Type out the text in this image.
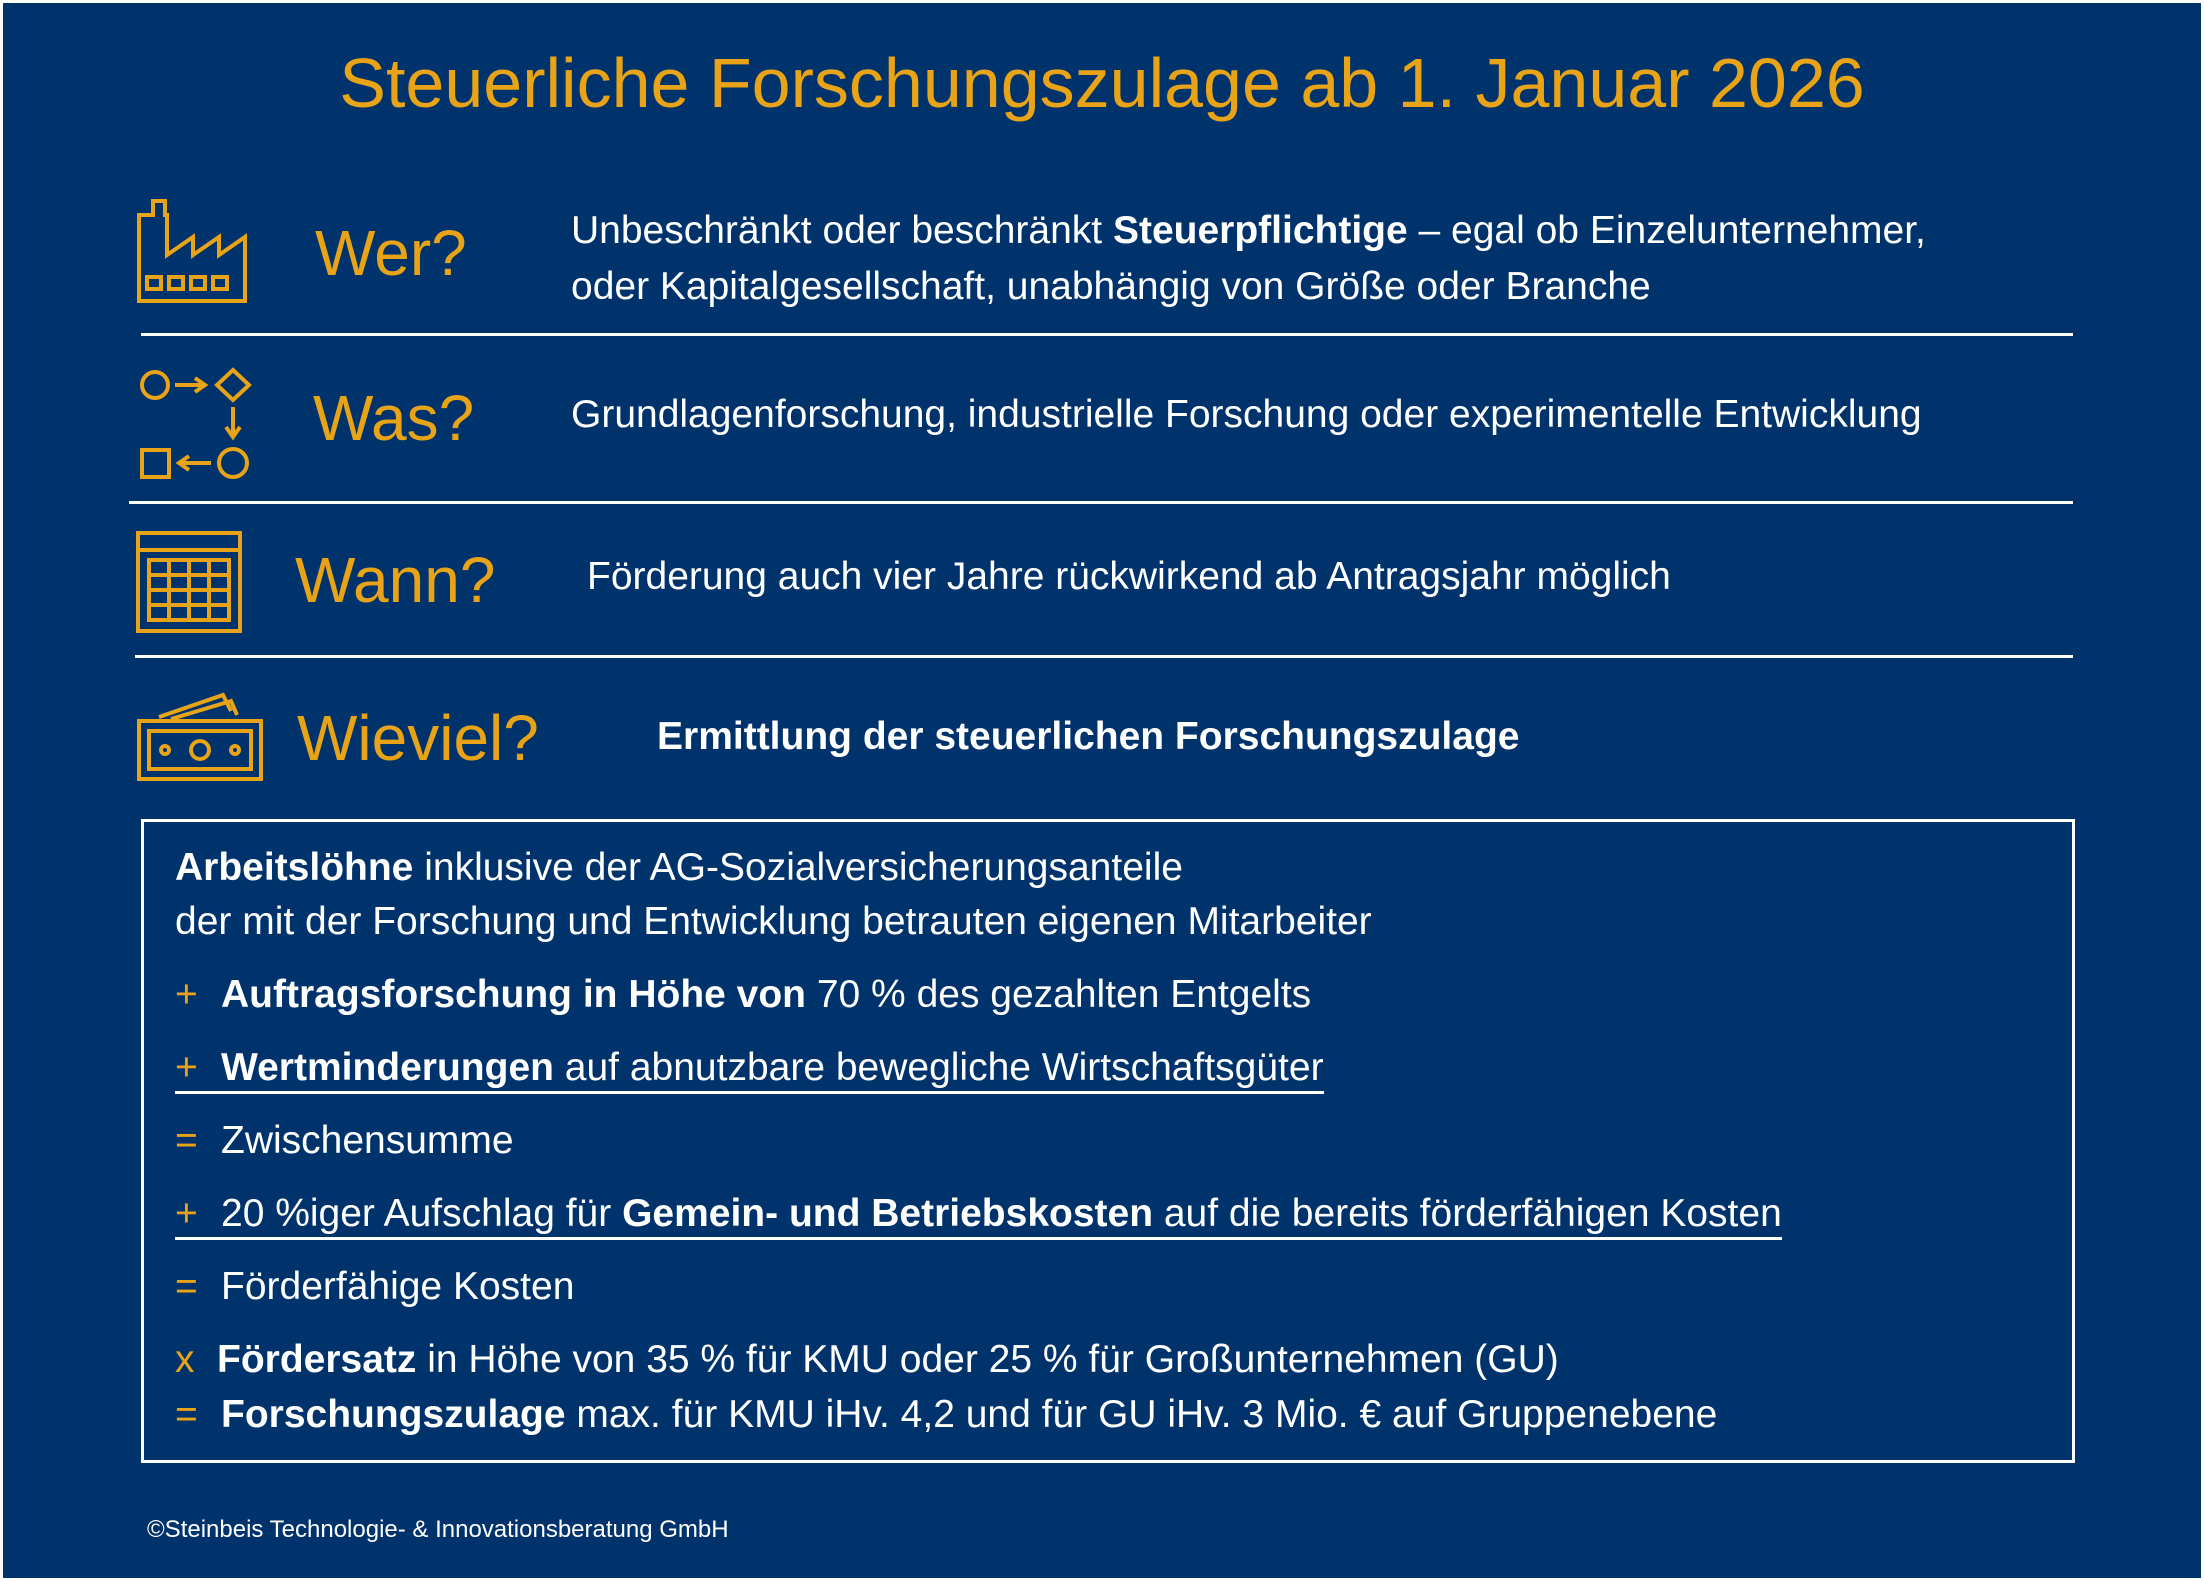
Steuerliche Forschungszulage ab 1. Januar 2026
Wer?	Unbeschränkt oder beschränkt Steuerpflichtige – egal ob Einzelunternehmer,
oder Kapitalgesellschaft, unabhängig von Größe oder Branche
Was? Grundlagenforschung, industrielle Forschung oder experimentelle Entwicklung
Wann? Förderung auch vier Jahre rückwirkend ab Antragsjahr möglich
Wieviel?	Ermittlung der steuerlichen Forschungszulage
Arbeitslöhne inklusive der AG-Sozialversicherungsanteile
der mit der Forschung und Entwicklung betrauten eigenen Mitarbeiter
+ Auftragsforschung in Höhe von 70 % des gezahlten Entgelts
+ Wertminderungen auf abnutzbare bewegliche Wirtschaftsgüter
= Zwischensumme
+ 20 %iger Aufschlag für Gemein- und Betriebskosten auf die bereits förderfähigen Kosten
= Förderfähige Kosten
x Fördersatz in Höhe von 35 % für KMU oder 25 % für Großunternehmen (GU)
= Forschungszulage max. für KMU iHv. 4,2 und für GU iHv. 3 Mio. € auf Gruppenebene
©Steinbeis Technologie- & Innovationsberatung GmbH
